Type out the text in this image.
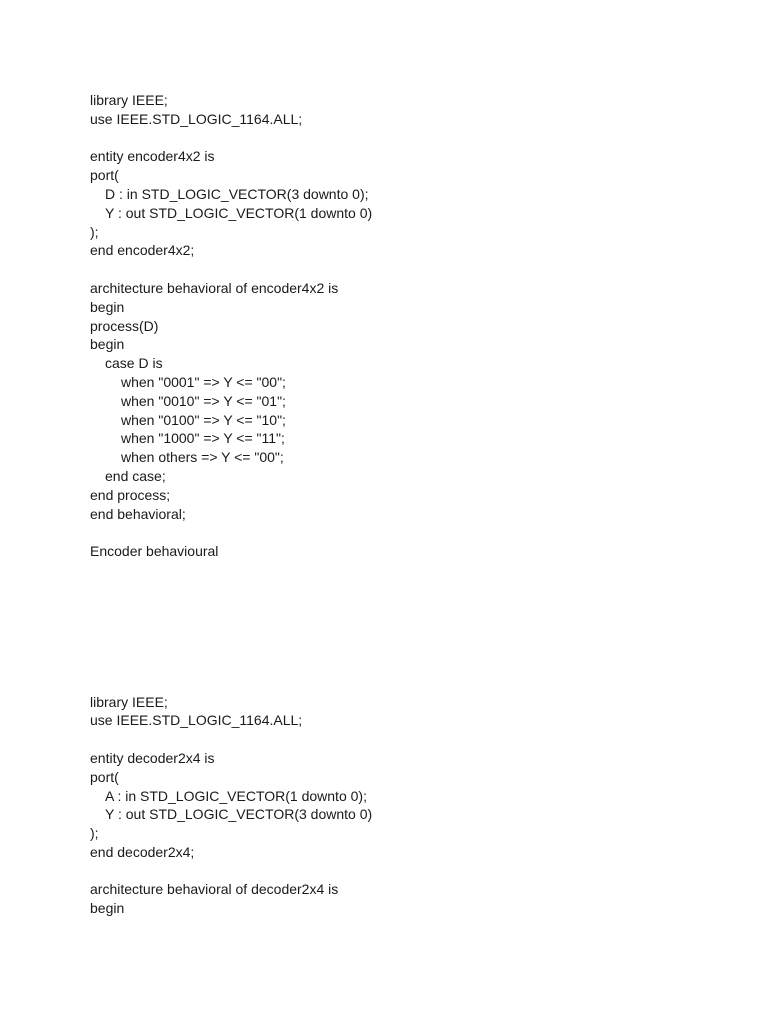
library IEEE;
use IEEE.STD_LOGIC_1164.ALL;
entity encoder4x2 is
port(
D : in STD_LOGIC_VECTOR(3 downto 0);
Y : out STD_LOGIC_VECTOR(1 downto 0)
);
end encoder4x2;
architecture behavioral of encoder4x2 is
begin
process(D)
begin
case D is
when "0001" => Y <= "00";
when "0010" => Y <= "01";
when "0100" => Y <= "10";
when "1000" => Y <= "11";
when others => Y <= "00";
end case;
end process;
end behavioral;
Encoder behavioural
library IEEE;
use IEEE.STD_LOGIC_1164.ALL;
entity decoder2x4 is
port(
A : in STD_LOGIC_VECTOR(1 downto 0);
Y : out STD_LOGIC_VECTOR(3 downto 0)
);
end decoder2x4;
architecture behavioral of decoder2x4 is
begin
